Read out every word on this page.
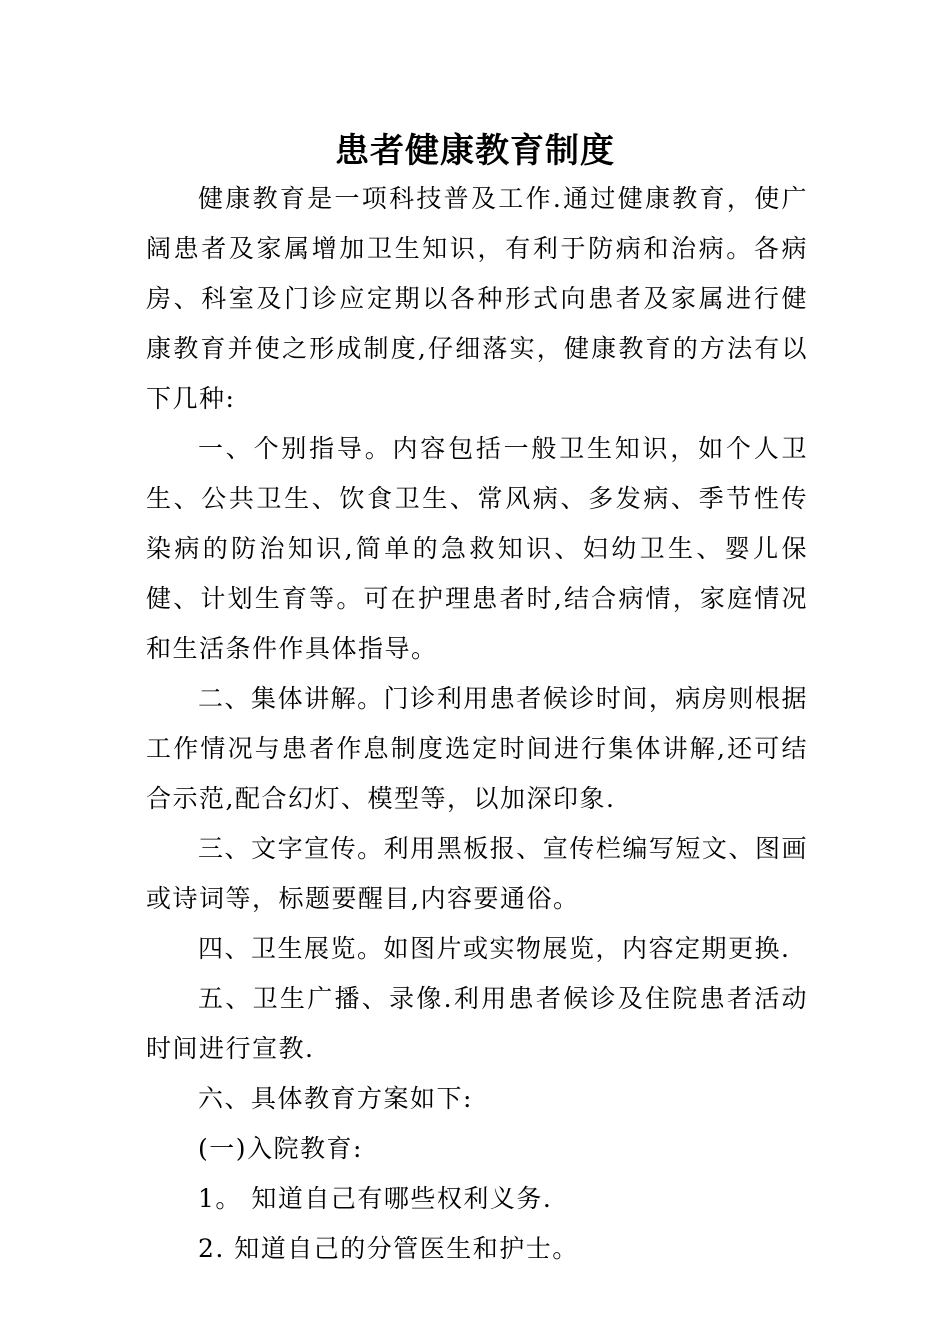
患者健康教育制度

健康教育是一项科技普及工作.通过健康教育，使广阔患者及家属增加卫生知识，有利于防病和治病。各病房、科室及门诊应定期以各种形式向患者及家属进行健康教育并使之形成制度,仔细落实，健康教育的方法有以下几种:

一、个别指导。内容包括一般卫生知识，如个人卫生、公共卫生、饮食卫生、常风病、多发病、季节性传染病的防治知识,简单的急救知识、妇幼卫生、婴儿保健、计划生育等。可在护理患者时,结合病情，家庭情况和生活条件作具体指导。

二、集体讲解。门诊利用患者候诊时间，病房则根据工作情况与患者作息制度选定时间进行集体讲解,还可结合示范,配合幻灯、模型等，以加深印象.

三、文字宣传。利用黑板报、宣传栏编写短文、图画或诗词等，标题要醒目,内容要通俗。

四、卫生展览。如图片或实物展览，内容定期更换.

五、卫生广播、录像.利用患者候诊及住院患者活动时间进行宣教.

六、具体教育方案如下:

(一)入院教育:

1。 知道自己有哪些权利义务.

2. 知道自己的分管医生和护士。
